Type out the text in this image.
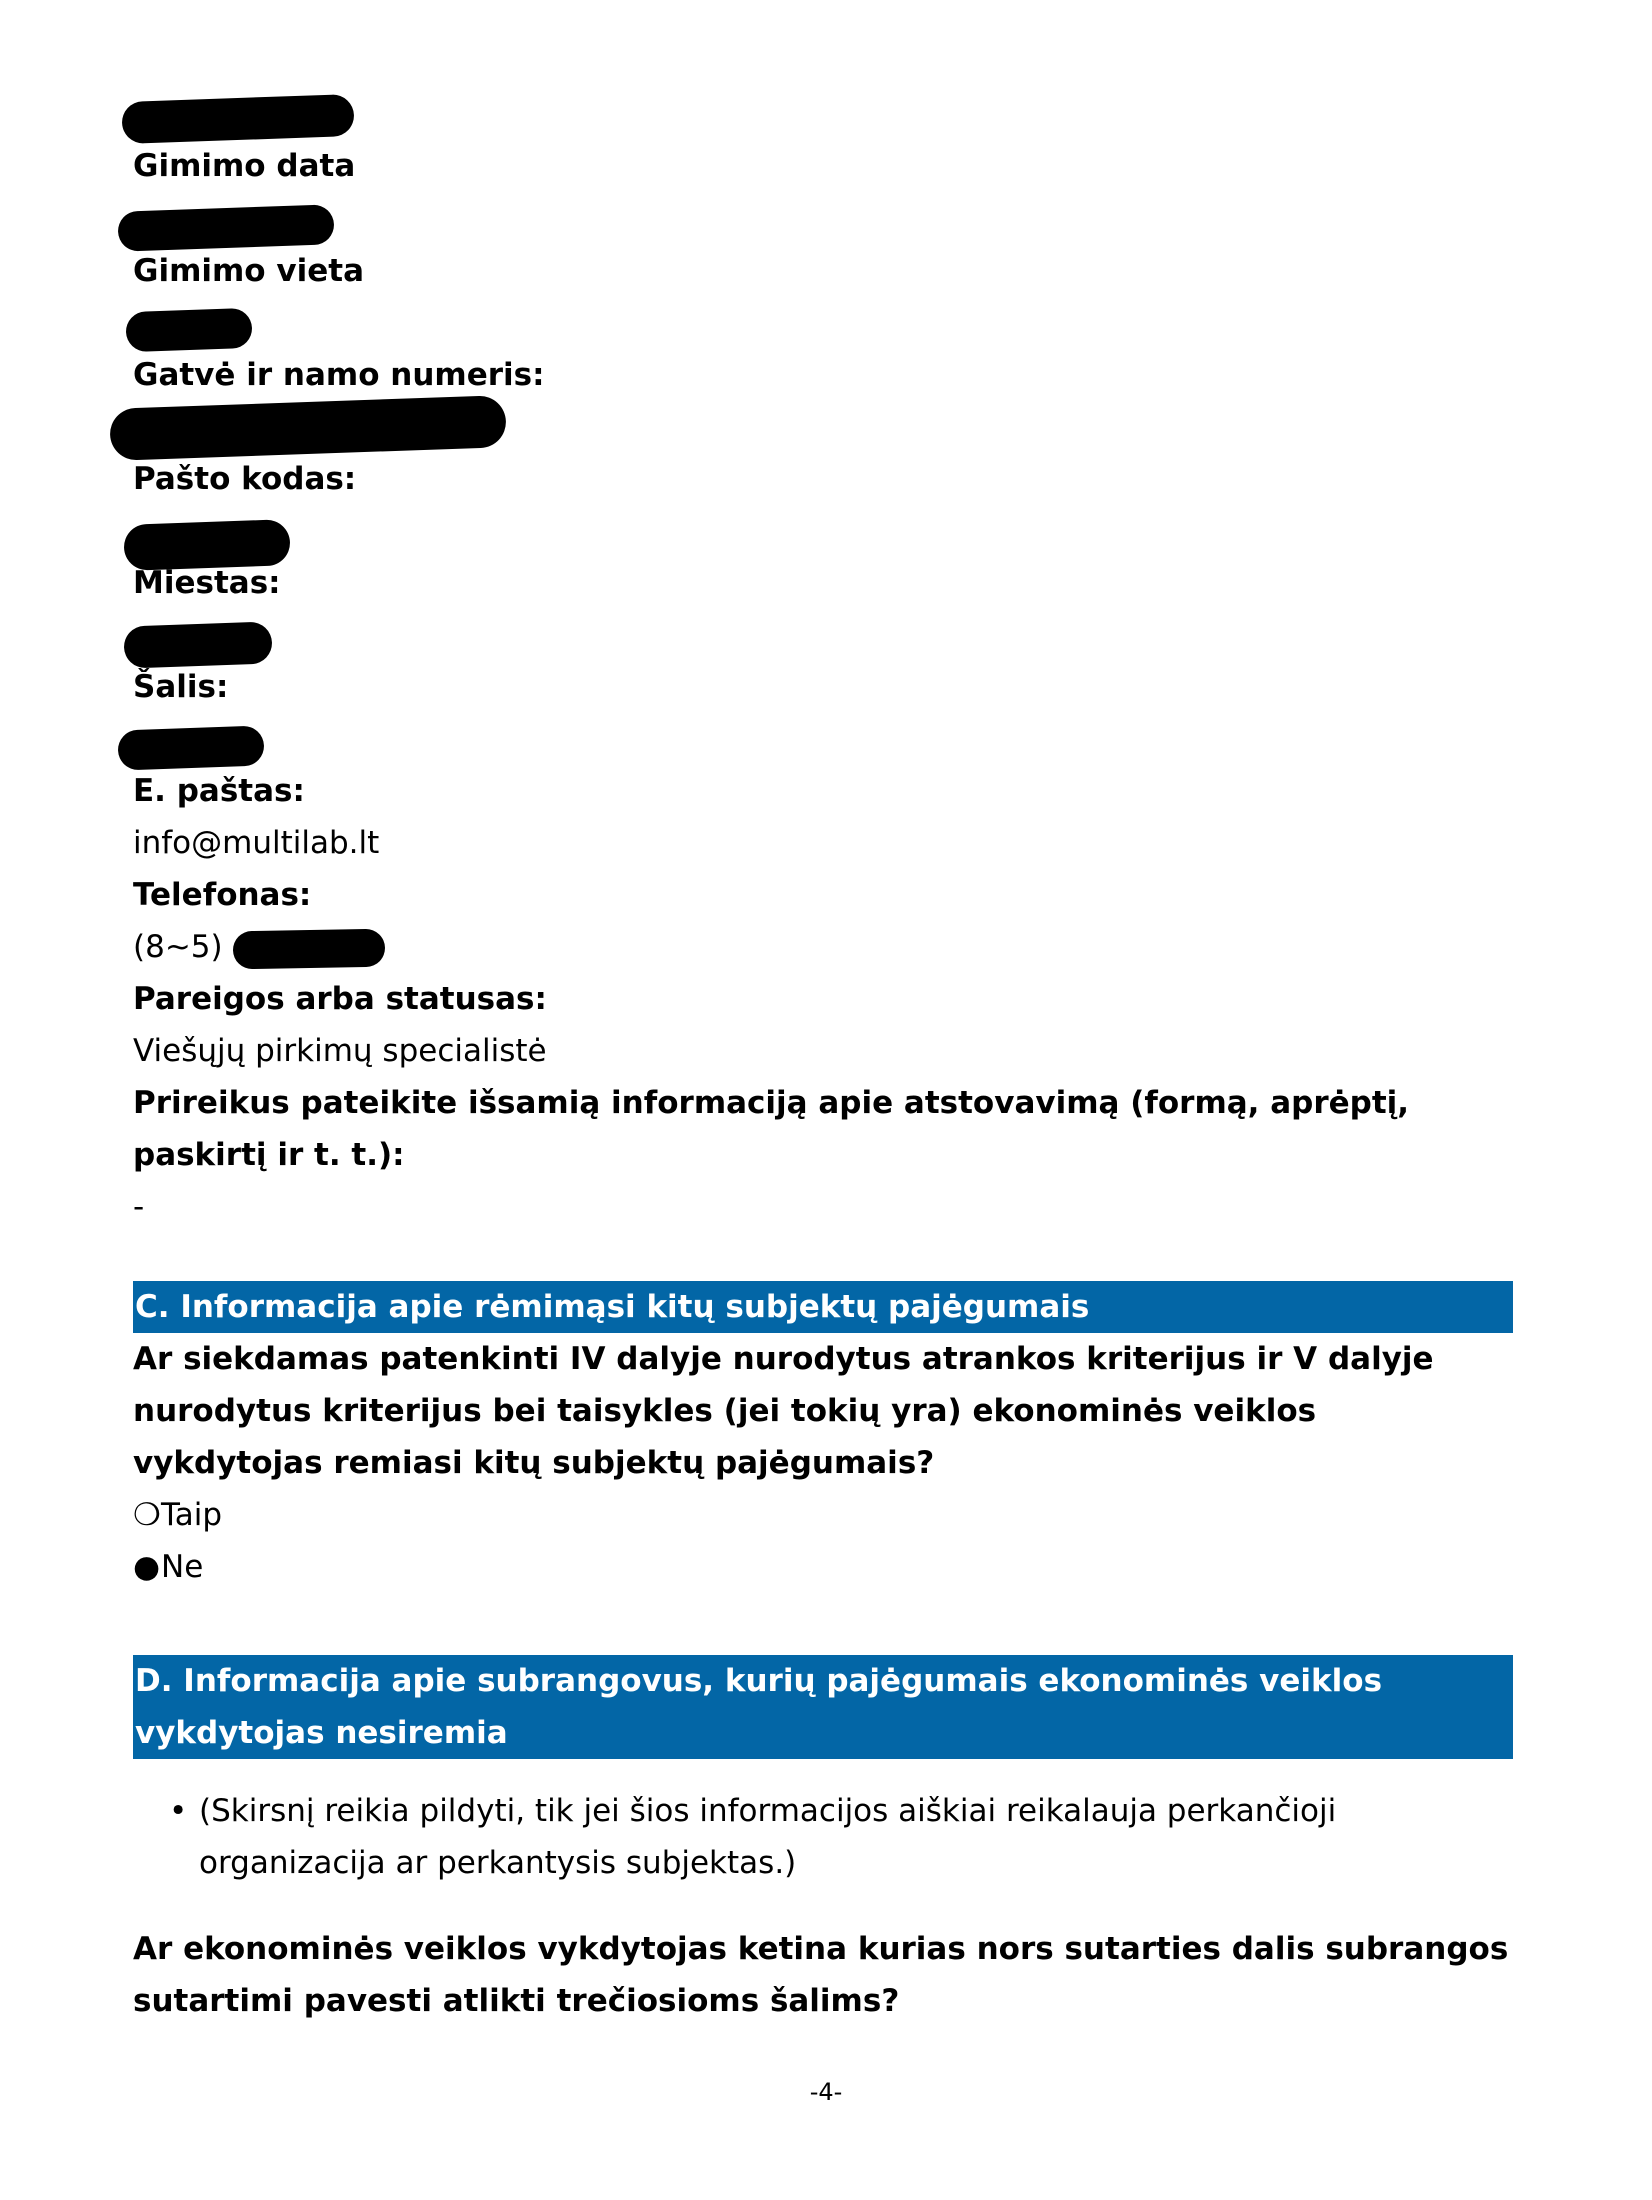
Gimimo data
Gimimo vieta
Gatvė ir namo numeris:
Pašto kodas:
Miestas:
Šalis:
E. paštas:
info@multilab.lt
Telefonas:
(8~5)
Pareigos arba statusas:
Viešųjų pirkimų specialistė
Prireikus pateikite išsamią informaciją apie atstovavimą (formą, aprėptį, paskirtį ir t. t.):
-
C. Informacija apie rėmimąsi kitų subjektų pajėgumais
Ar siekdamas patenkinti IV dalyje nurodytus atrankos kriterijus ir V dalyje nurodytus kriterijus bei taisykles (jei tokių yra) ekonominės veiklos vykdytojas remiasi kitų subjektų pajėgumais?
❍Taip
●Ne
D. Informacija apie subrangovus, kurių pajėgumais ekonominės veiklos vykdytojas nesiremia
• (Skirsnį reikia pildyti, tik jei šios informacijos aiškiai reikalauja perkančioji organizacija ar perkantysis subjektas.)
Ar ekonominės veiklos vykdytojas ketina kurias nors sutarties dalis subrangos sutartimi pavesti atlikti trečiosioms šalims?
-4-
